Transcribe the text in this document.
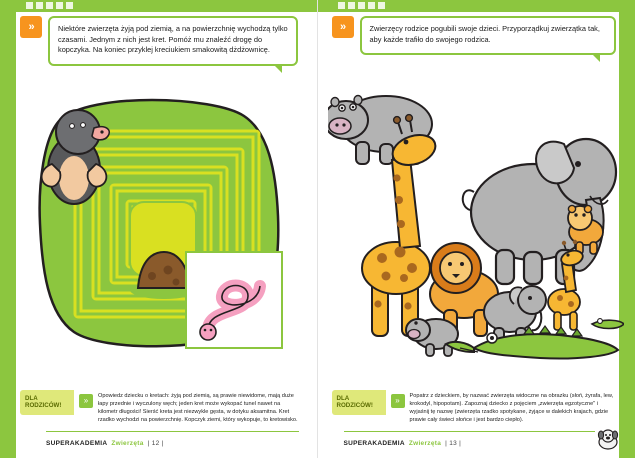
»	Niektóre zwierzęta żyją pod ziemią, a na powierzchnię wychodzą tylko czasami. Jednym z nich jest kret. Pomóż mu znaleźć drogę do kopczyka. Na koniec przyklej kreciukiem smakowitą dżdżownicę.
DLA RODZICÓW!
»	Opowiedz dziecku o kretach: żyją pod ziemią, są prawie niewidome, mają duże łapy przednie i wyczulony węch; jeden kret może wykopać tunel nawet na kilometr długości! Sierść kreta jest niezwykle gęsta, w dotyku aksamitna. Kret rzadko wychodzi na powierzchnię. Kopczyk ziemi, który wykopuje, to kretowisko.
SUPERAKADEMIA Zwierzęta | 12 |
»	Zwierzęcy rodzice pogubili swoje dzieci. Przyporządkuj zwierzątka tak, aby każde trafiło do swojego rodzica.
DLA RODZICÓW!
»	Popatrz z dzieckiem, by nazwać zwierzęta widoczne na obrazku (słoń, żyrafa, lew, krokodyl, hipopotam). Zapoznaj dziecko z pojęciem „zwierzęta egzotyczne" i wyjaśnij tę nazwę (zwierzęta rzadko spotykane, żyjące w dalekich krajach, gdzie prawie cały świeci słońce i jest bardzo ciepło).
SUPERAKADEMIA Zwierzęta | 13 |
